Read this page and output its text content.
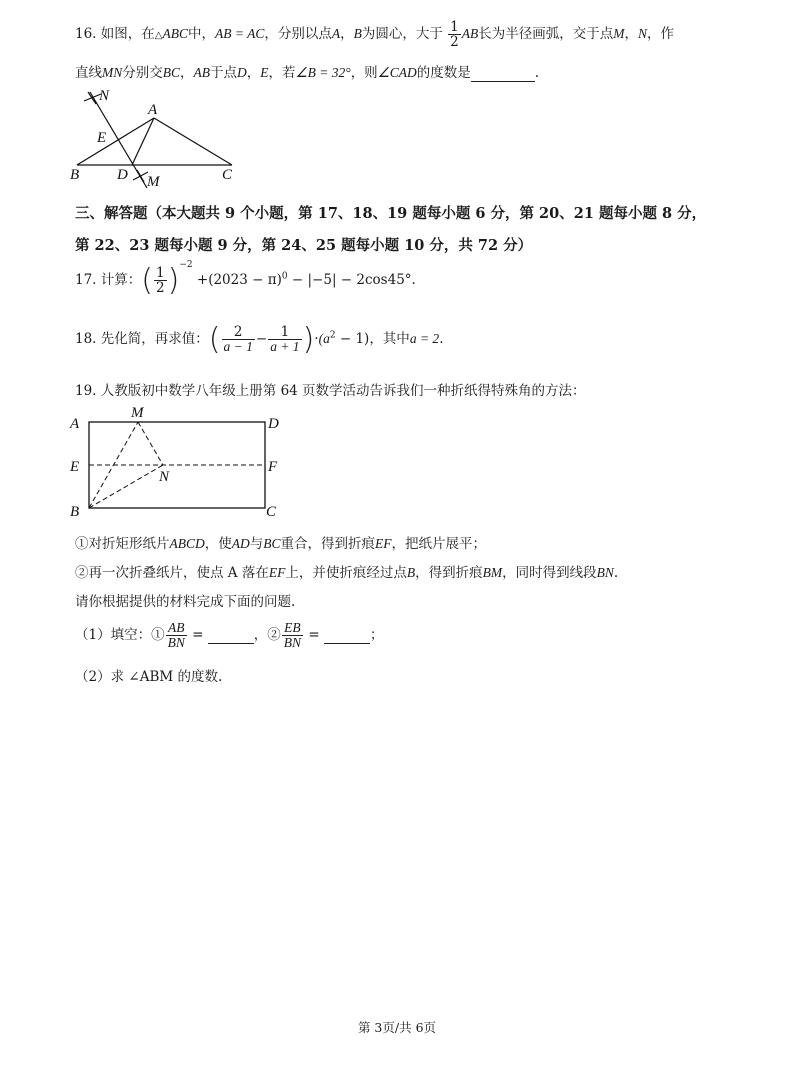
16. 如图，在△ABC中，AB = AC，分别以点A，B为圆心，大于 $\frac{1}{2}$ AB长为半径画弧，交于点M，N，作
直线MN分别交BC，AB于点D，E，若∠B = 32°，则∠CAD的度数是	.
N
A
E
B	D M	C
三、解答题（本大题共 9 个小题，第 17、18、19 题每小题 6 分，第 20、21 题每小题 8 分，
第 22、23 题每小题 9 分，第 24、25 题每小题 10 分，共 72 分）
17. 计算：( $\frac{1}{2} )^{-2} +(2023 - \pi)^0 - |-5| - 2\cos 45^\circ$.
18. 先化简，再求值：( $\frac{2}{a - 1} - \frac{1}{a + 1} )\cdot(a^2 - 1)$，其中a = 2.
19. 人教版初中数学八年级上册第 64 页数学活动告诉我们一种折纸得特殊角的方法：
A
M
D
E	F
N
B	C
①对折矩形纸片ABCD，使AD与BC重合，得到折痕EF，把纸片展平；
②再一次折叠纸片，使点 A 落在EF上，并使折痕经过点B，得到折痕BM，同时得到线段BN.
请你根据提供的材料完成下面的问题.
（1）填空：① $\frac{AB}{BN}$ =	，② $\frac{EB}{BN}$ =	；
（2）求 ∠ABM 的度数.
第 3页/共 6页
